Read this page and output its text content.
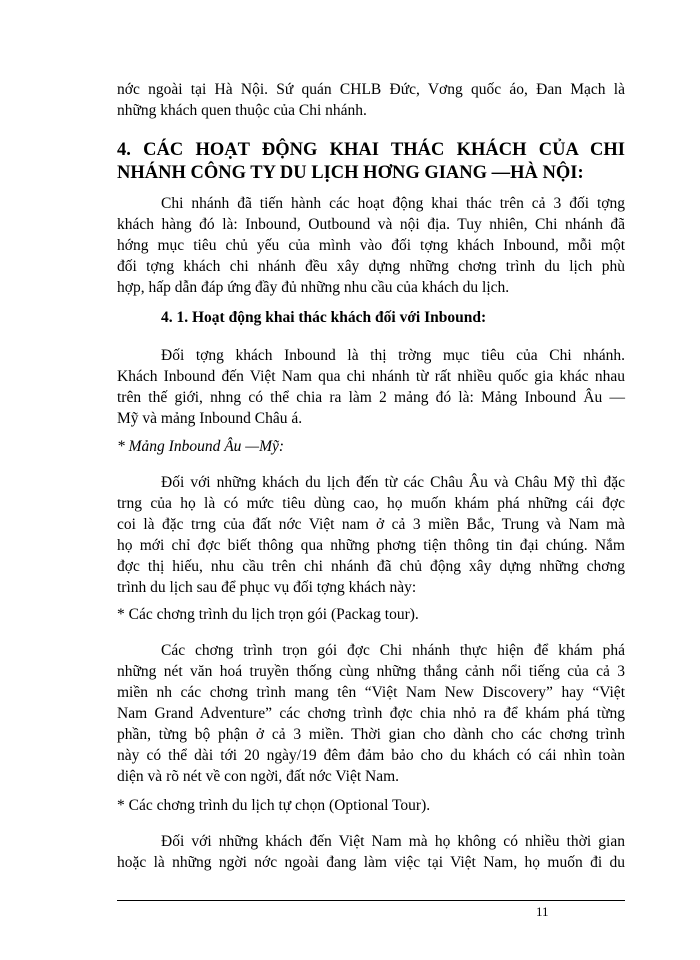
nớc ngoài tại Hà Nội. Sứ quán CHLB Đức, Vơng quốc áo, Đan Mạch là
những khách quen thuộc của Chi nhánh.
4. CÁC HOẠT ĐỘNG KHAI THÁC KHÁCH CỦA CHI
NHÁNH CÔNG TY DU LỊCH HƠNG GIANG —HÀ NỘI:
Chi nhánh đã tiến hành các hoạt động khai thác trên cả 3 đối tợng
khách hàng đó là: Inbound, Outbound và nội địa. Tuy nhiên, Chi nhánh đã
hớng mục tiêu chủ yếu của mình vào đối tợng khách Inbound, mỗi một
đối tợng khách chi nhánh đều xây dựng những chơng trình du lịch phù
hợp, hấp dẫn đáp ứng đầy đủ những nhu cầu của khách du lịch.
4. 1. Hoạt động khai thác khách đối với Inbound:
Đối tợng khách Inbound là thị trờng mục tiêu của Chi nhánh.
Khách Inbound đến Việt Nam qua chi nhánh từ rất nhiều quốc gia khác nhau
trên thế giới, nhng có thể chia ra làm 2 mảng đó là: Mảng Inbound Âu —
Mỹ và mảng Inbound Châu á.
* Mảng Inbound Âu —Mỹ:
Đối với những khách du lịch đến từ các Châu Âu và Châu Mỹ thì đặc
trng của họ là có mức tiêu dùng cao, họ muốn khám phá những cái đợc
coi là đặc trng của đất nớc Việt nam ở cả 3 miền Bắc, Trung và Nam mà
họ mới chỉ đợc biết thông qua những phơng tiện thông tin đại chúng. Nắm
đợc thị hiếu, nhu cầu trên chi nhánh đã chủ động xây dựng những chơng
trình du lịch sau để phục vụ đối tợng khách này:
* Các chơng trình du lịch trọn gói (Packag tour).
Các chơng trình trọn gói đợc Chi nhánh thực hiện để khám phá
những nét văn hoá truyền thống cùng những thắng cảnh nổi tiếng của cả 3
miền nh các chơng trình mang tên “Việt Nam New Discovery” hay “Việt
Nam Grand Adventure” các chơng trình đợc chia nhỏ ra để khám phá từng
phần, từng bộ phận ở cả 3 miền. Thời gian cho dành cho các chơng trình
này có thể dài tới 20 ngày/19 đêm đảm bảo cho du khách có cái nhìn toàn
diện và rõ nét về con ngời, đất nớc Việt Nam.
* Các chơng trình du lịch tự chọn (Optional Tour).
Đối với những khách đến Việt Nam mà họ không có nhiều thời gian
hoặc là những ngời nớc ngoài đang làm việc tại Việt Nam, họ muốn đi du
11
